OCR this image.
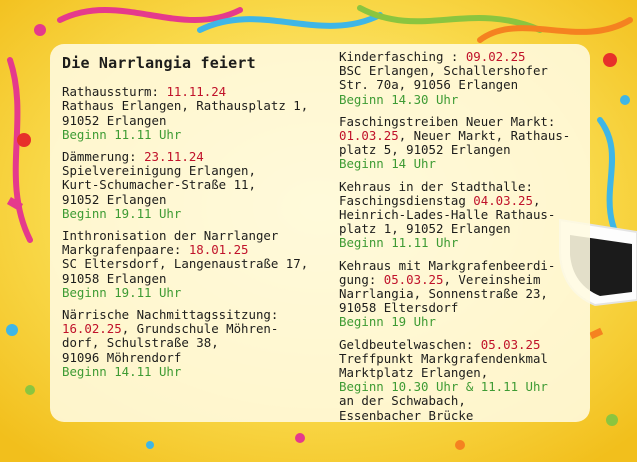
Die Narrlangia feiert
Rathaussturm: 11.11.24
Rathaus Erlangen, Rathausplatz 1,
91052 Erlangen
Beginn 11.11 Uhr
Dämmerung: 23.11.24
Spielvereinigung Erlangen,
Kurt-Schumacher-Straße 11,
91052 Erlangen
Beginn 19.11 Uhr
Inthronisation der Narrlanger
Markgrafenpaare: 18.01.25
SC Eltersdorf, Langenaustraße 17,
91058 Erlangen
Beginn 19.11 Uhr
Närrische Nachmittagssitzung:
16.02.25, Grundschule Möhren-
dorf, Schulstraße 38,
91096 Möhrendorf
Beginn 14.11 Uhr
Kinderfasching : 09.02.25
BSC Erlangen, Schallershofer
Str. 70a, 91056 Erlangen
Beginn 14.30 Uhr
Faschingstreiben Neuer Markt:
01.03.25, Neuer Markt, Rathaus-
platz 5, 91052 Erlangen
Beginn 14 Uhr
Kehraus in der Stadthalle:
Faschingsdienstag 04.03.25,
Heinrich-Lades-Halle Rathaus-
platz 1, 91052 Erlangen
Beginn 11.11 Uhr
Kehraus mit Markgrafenbeerdi-
gung: 05.03.25, Vereinsheim
Narrlangia, Sonnenstraße 23,
91058 Eltersdorf
Beginn 19 Uhr
Geldbeutelwaschen: 05.03.25
Treffpunkt Markgrafendenkmal
Marktplatz Erlangen,
Beginn 10.30 Uhr & 11.11 Uhr
an der Schwabach,
Essenbacher Brücke
